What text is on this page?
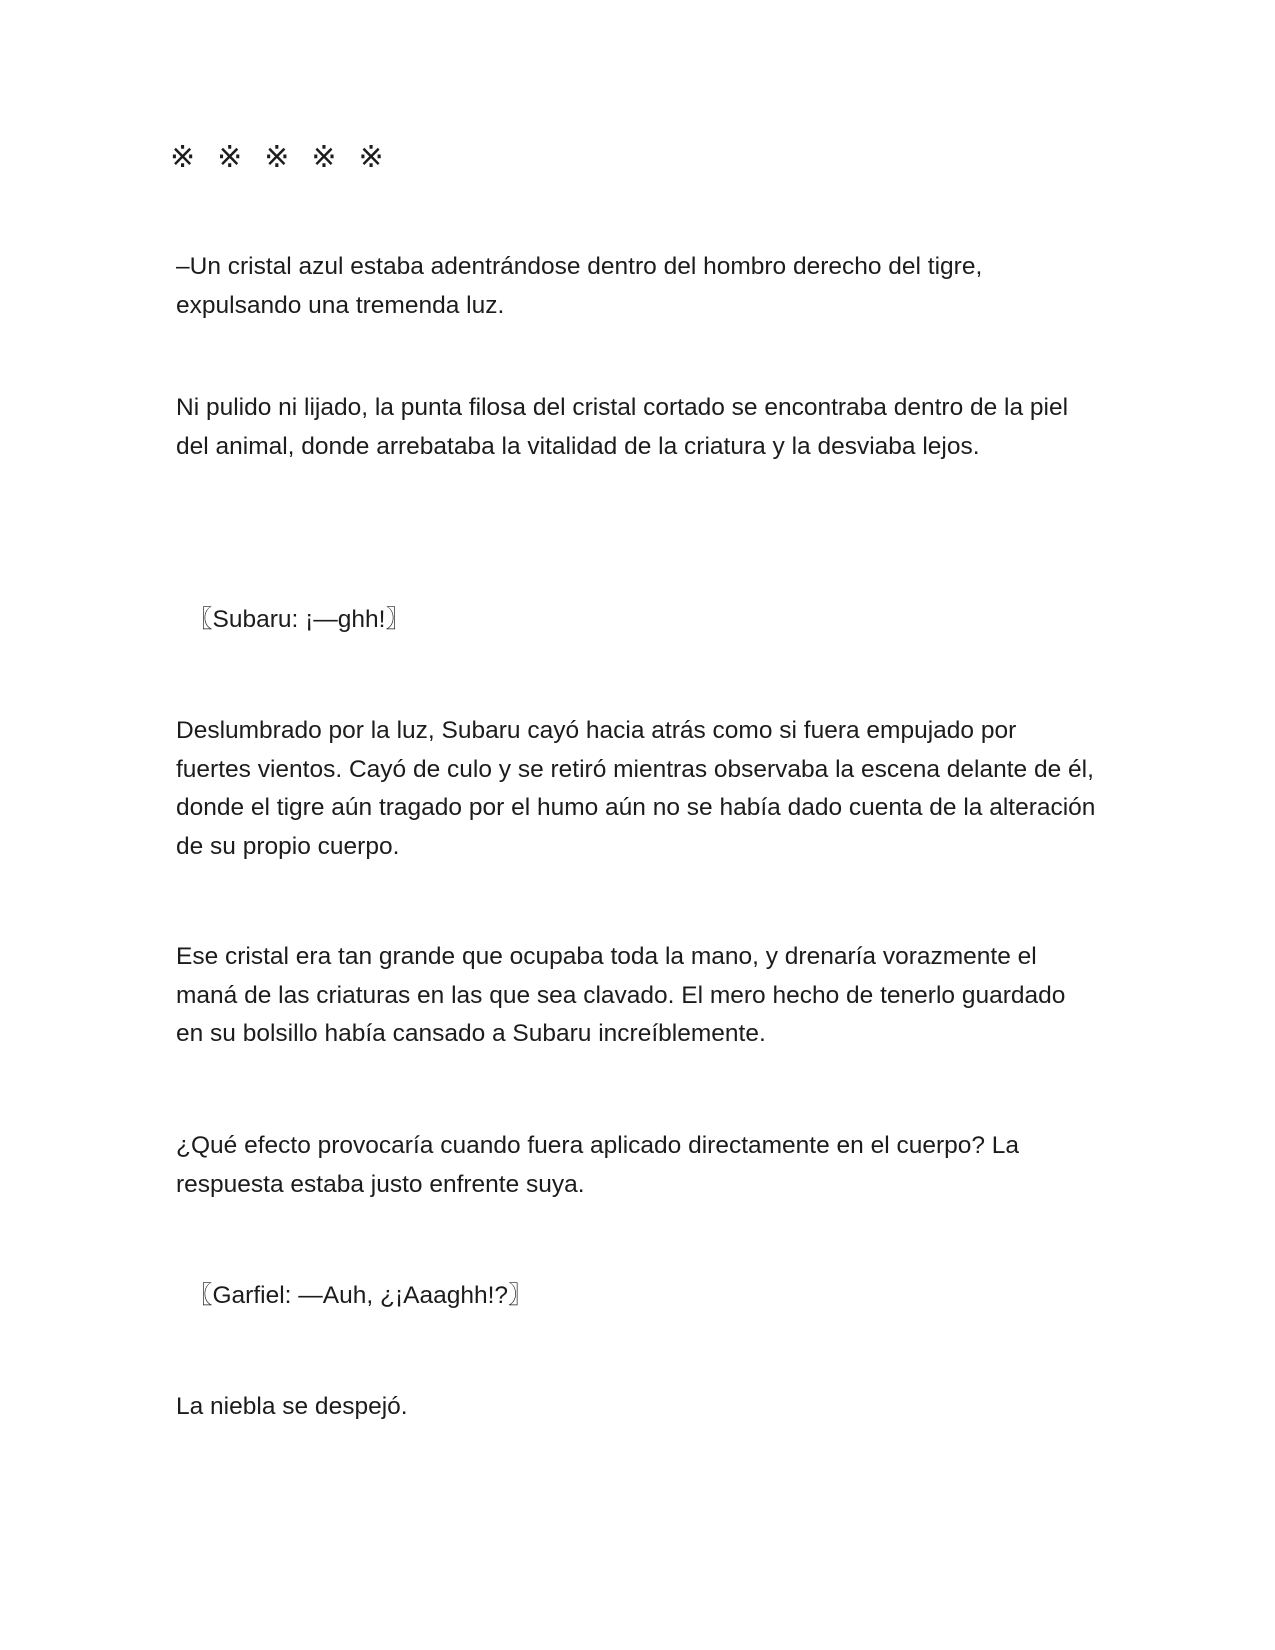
※※※※※

–Un cristal azul estaba adentrándose dentro del hombro derecho del tigre, expulsando una tremenda luz.

Ni pulido ni lijado, la punta filosa del cristal cortado se encontraba dentro de la piel del animal, donde arrebataba la vitalidad de la criatura y la desviaba lejos.

〖Subaru: ¡—ghh!〗

Deslumbrado por la luz, Subaru cayó hacia atrás como si fuera empujado por fuertes vientos. Cayó de culo y se retiró mientras observaba la escena delante de él, donde el tigre aún tragado por el humo aún no se había dado cuenta de la alteración de su propio cuerpo.

Ese cristal era tan grande que ocupaba toda la mano, y drenaría vorazmente el maná de las criaturas en las que sea clavado. El mero hecho de tenerlo guardado en su bolsillo había cansado a Subaru increíblemente.

¿Qué efecto provocaría cuando fuera aplicado directamente en el cuerpo? La respuesta estaba justo enfrente suya.

〖Garfiel: —Auh, ¿¡Aaaghh!?〗

La niebla se despejó.
